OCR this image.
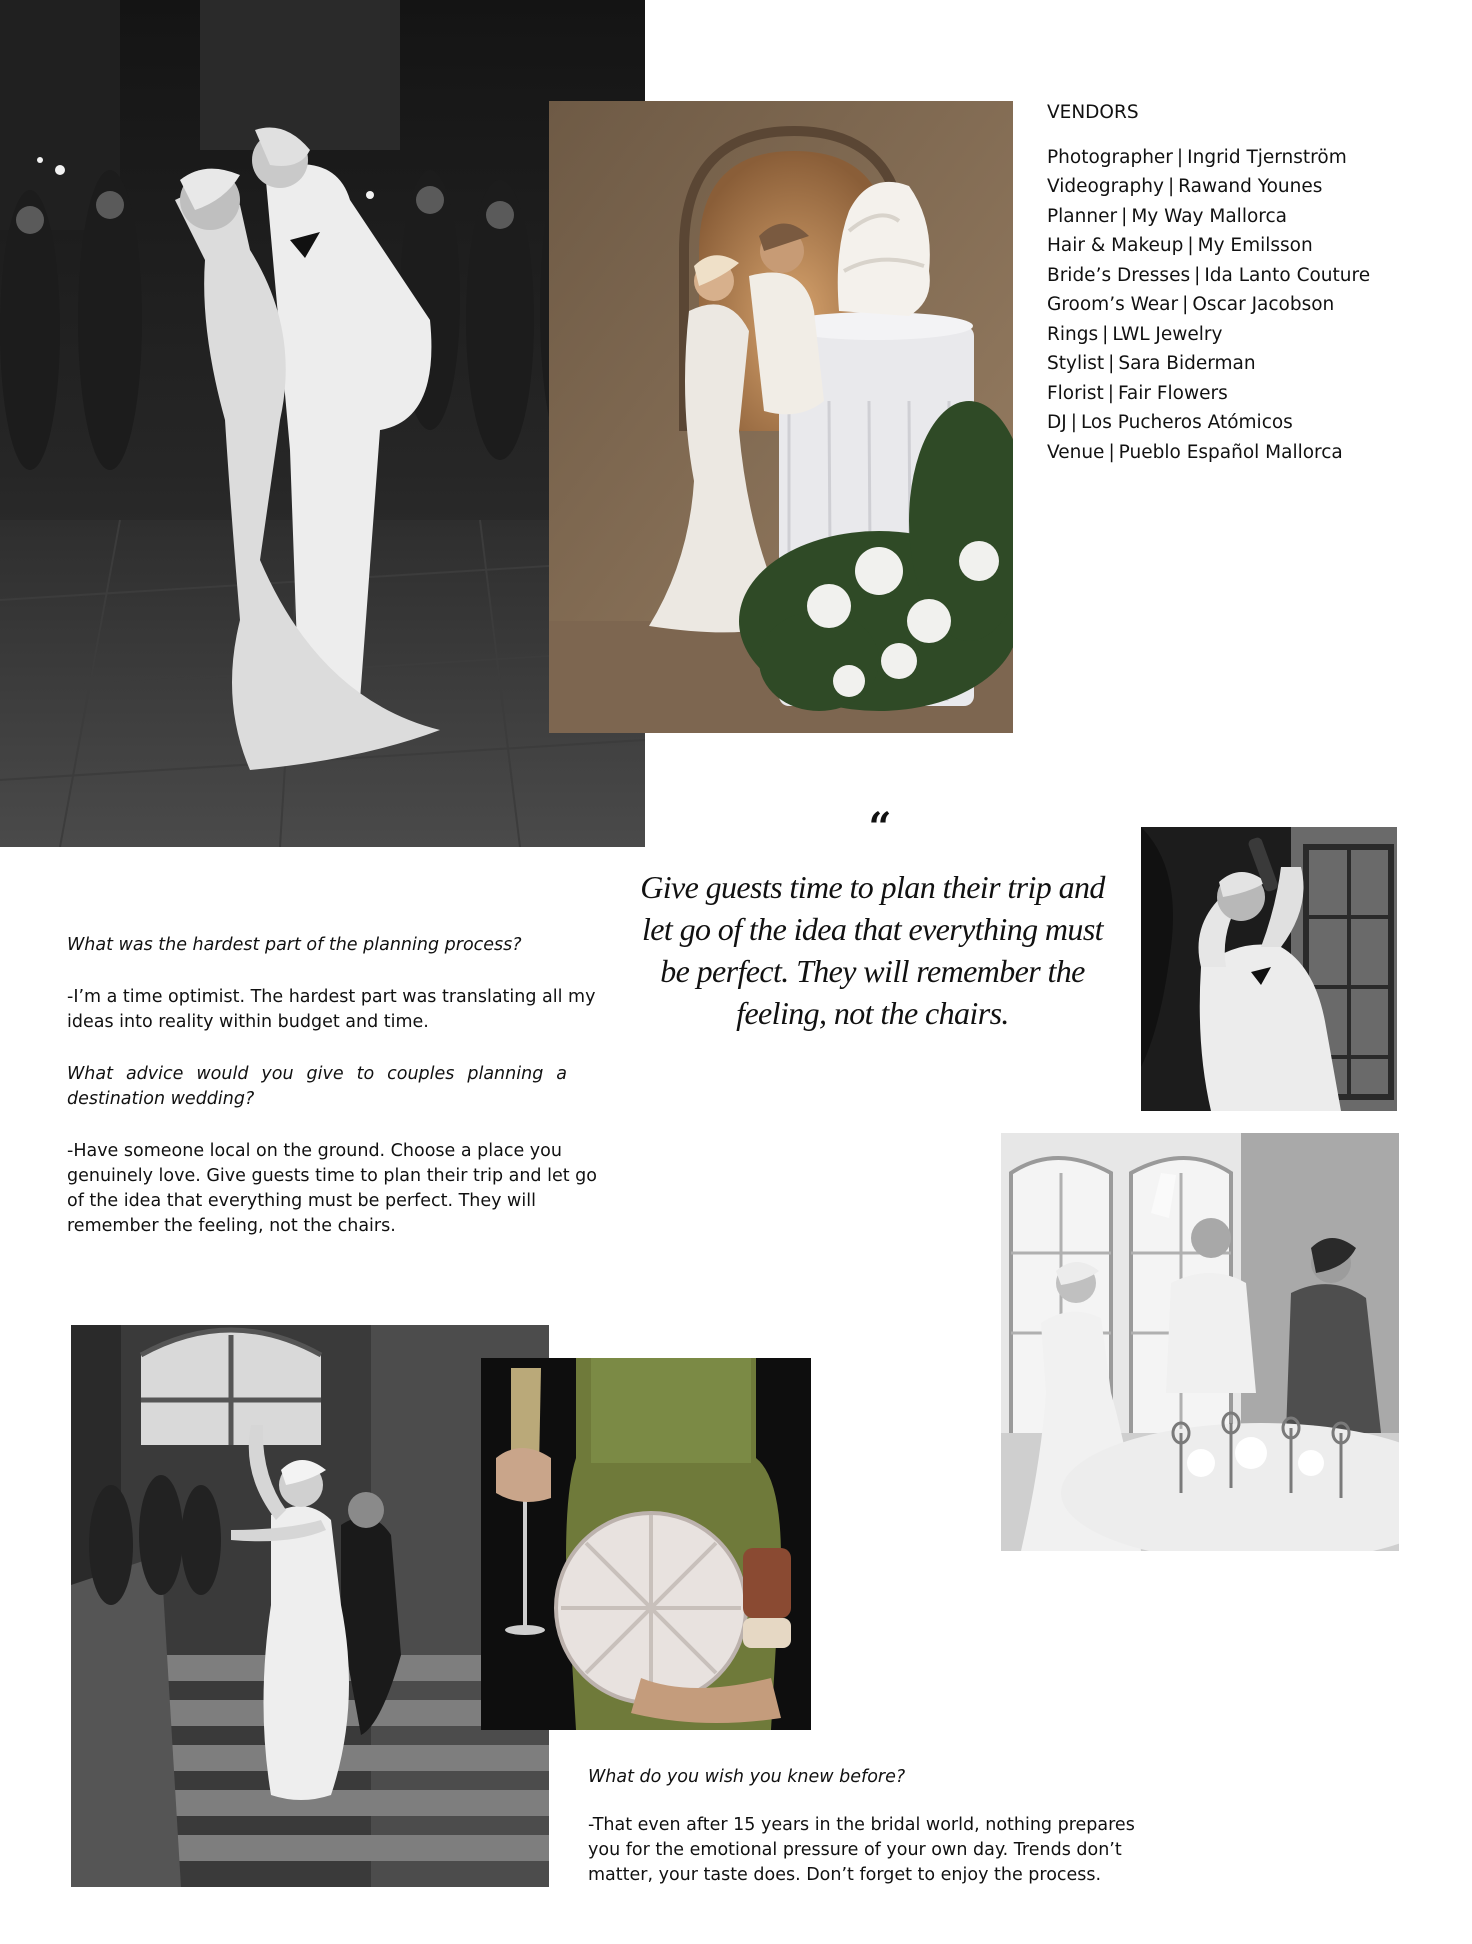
VENDORS

Photographer | Ingrid Tjernström
Videography | Rawand Younes
Planner | My Way Mallorca
Hair & Makeup | My Emilsson
Bride’s Dresses | Ida Lanto Couture
Groom’s Wear | Oscar Jacobson
Rings | LWL Jewelry
Stylist | Sara Biderman
Florist | Fair Flowers
DJ | Los Pucheros Atómicos
Venue | Pueblo Español Mallorca
“
Give guests time to plan their trip and let go of the idea that everything must be perfect. They will remember the feeling, not the chairs.

What was the hardest part of the planning process?

-I’m a time optimist. The hardest part was translating all my ideas into reality within budget and time.

What advice would you give to couples planning a destination wedding?

-Have someone local on the ground. Choose a place you genuinely love. Give guests time to plan their trip and let go of the idea that everything must be perfect. They will remember the feeling, not the chairs.

What do you wish you knew before?

-That even after 15 years in the bridal world, nothing prepares you for the emotional pressure of your own day. Trends don’t matter, your taste does. Don’t forget to enjoy the process.
